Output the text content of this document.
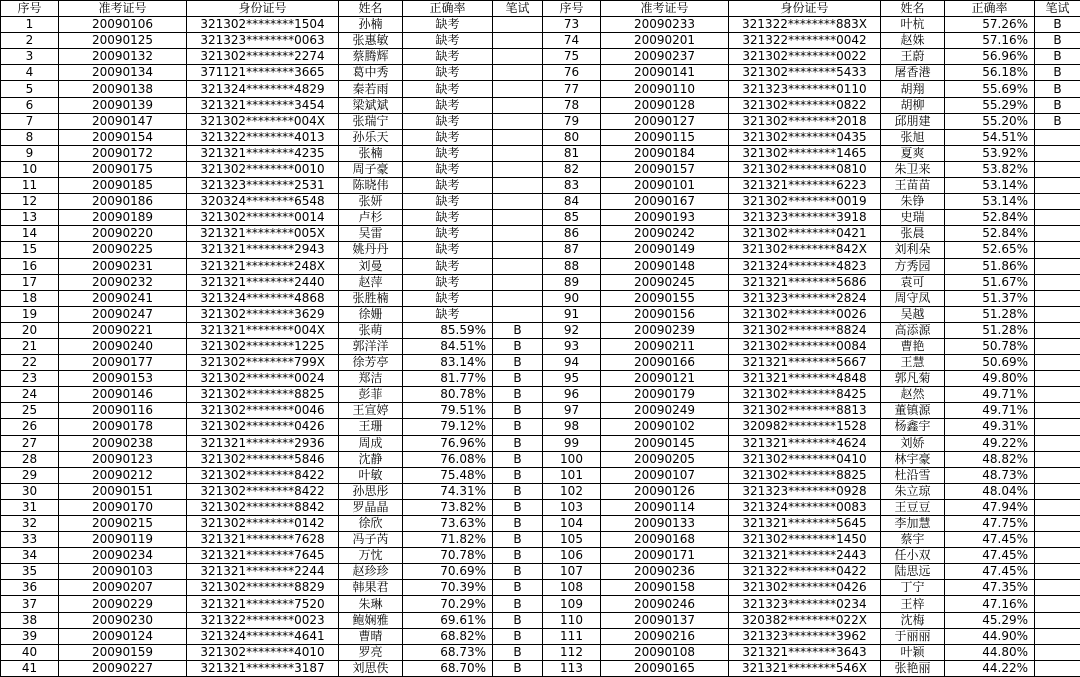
序号	准考证号	身份证号	姓名	正确率	笔试	序号	准考证号	身份证号	姓名	正确率	笔试
1	20090106	321302********1504	孙楠	缺考		73	20090233	321322********883X	叶杭	57.26%	B
2	20090125	321323********0063	张惠敏	缺考		74	20090201	321322********0042	赵姝	57.16%	B
3	20090132	321302********2274	蔡腾辉	缺考		75	20090237	321302********0022	王蔚	56.96%	B
4	20090134	371121********3665	葛中秀	缺考		76	20090141	321302********5433	屠香港	56.18%	B
5	20090138	321324********4829	秦若雨	缺考		77	20090110	321323********0110	胡翔	55.69%	B
6	20090139	321321********3454	梁斌斌	缺考		78	20090128	321302********0822	胡柳	55.29%	B
7	20090147	321302********004X	张瑞宁	缺考		79	20090127	321302********2018	邱朋建	55.20%	B
8	20090154	321322********4013	孙乐天	缺考		80	20090115	321302********0435	张旭	54.51%	
9	20090172	321321********4235	张楠	缺考		81	20090184	321302********1465	夏爽	53.92%	
10	20090175	321302********0010	周子豪	缺考		82	20090157	321302********0810	朱卫来	53.82%	
11	20090185	321323********2531	陈晓伟	缺考		83	20090101	321321********6223	王苗苗	53.14%	
12	20090186	320324********6548	张妍	缺考		84	20090167	321302********0019	朱铮	53.14%	
13	20090189	321302********0014	卢杉	缺考		85	20090193	321323********3918	史瑞	52.84%	
14	20090220	321321********005X	吴雷	缺考		86	20090242	321302********0421	张晨	52.84%	
15	20090225	321321********2943	姚丹丹	缺考		87	20090149	321302********842X	刘利朵	52.65%	
16	20090231	321321********248X	刘曼	缺考		88	20090148	321324********4823	方秀园	51.86%	
17	20090232	321321********2440	赵萍	缺考		89	20090245	321321********5686	袁可	51.67%	
18	20090241	321324********4868	张胜楠	缺考		90	20090155	321323********2824	周守凤	51.37%	
19	20090247	321302********3629	徐姗	缺考		91	20090156	321302********0026	吴越	51.28%	
20	20090221	321321********004X	张萌	85.59%	B	92	20090239	321302********8824	高添源	51.28%	
21	20090240	321302********1225	郭洋洋	84.51%	B	93	20090211	321302********0084	曹艳	50.78%	
22	20090177	321302********799X	徐芳亭	83.14%	B	94	20090166	321321********5667	王慧	50.69%	
23	20090153	321302********0024	郑洁	81.77%	B	95	20090121	321321********4848	郭凡菊	49.80%	
24	20090146	321302********8825	彭菲	80.78%	B	96	20090179	321302********8425	赵然	49.71%	
25	20090116	321302********0046	王宣婷	79.51%	B	97	20090249	321302********8813	董镇源	49.71%	
26	20090178	321302********0426	王珊	79.12%	B	98	20090102	320982********1528	杨鑫宇	49.31%	
27	20090238	321321********2936	周成	76.96%	B	99	20090145	321321********4624	刘娇	49.22%	
28	20090123	321302********5846	沈静	76.08%	B	100	20090205	321302********0410	林宇豪	48.82%	
29	20090212	321302********8422	叶敏	75.48%	B	101	20090107	321302********8825	杜沿雪	48.73%	
30	20090151	321302********8422	孙思彤	74.31%	B	102	20090126	321323********0928	朱立琼	48.04%	
31	20090170	321302********8842	罗晶晶	73.82%	B	103	20090114	321324********0083	王豆豆	47.94%	
32	20090215	321302********0142	徐欣	73.63%	B	104	20090133	321321********5645	李加慧	47.75%	
33	20090119	321321********7628	冯子芮	71.82%	B	105	20090168	321302********1450	蔡宇	47.45%	
34	20090234	321321********7645	万忱	70.78%	B	106	20090171	321321********2443	任小双	47.45%	
35	20090103	321321********2244	赵珍珍	70.69%	B	107	20090236	321322********0422	陆思远	47.45%	
36	20090207	321302********8829	韩果君	70.39%	B	108	20090158	321302********0426	丁宁	47.35%	
37	20090229	321321********7520	朱琳	70.29%	B	109	20090246	321323********0234	王梓	47.16%	
38	20090230	321322********0023	鲍娴雅	69.61%	B	110	20090137	320382********022X	沈梅	45.29%	
39	20090124	321324********4641	曹晴	68.82%	B	111	20090216	321323********3962	于丽丽	44.90%	
40	20090159	321302********4010	罗亮	68.73%	B	112	20090108	321321********3643	叶颖	44.80%	
41	20090227	321321********3187	刘思佚	68.70%	B	113	20090165	321321********546X	张艳丽	44.22%	
